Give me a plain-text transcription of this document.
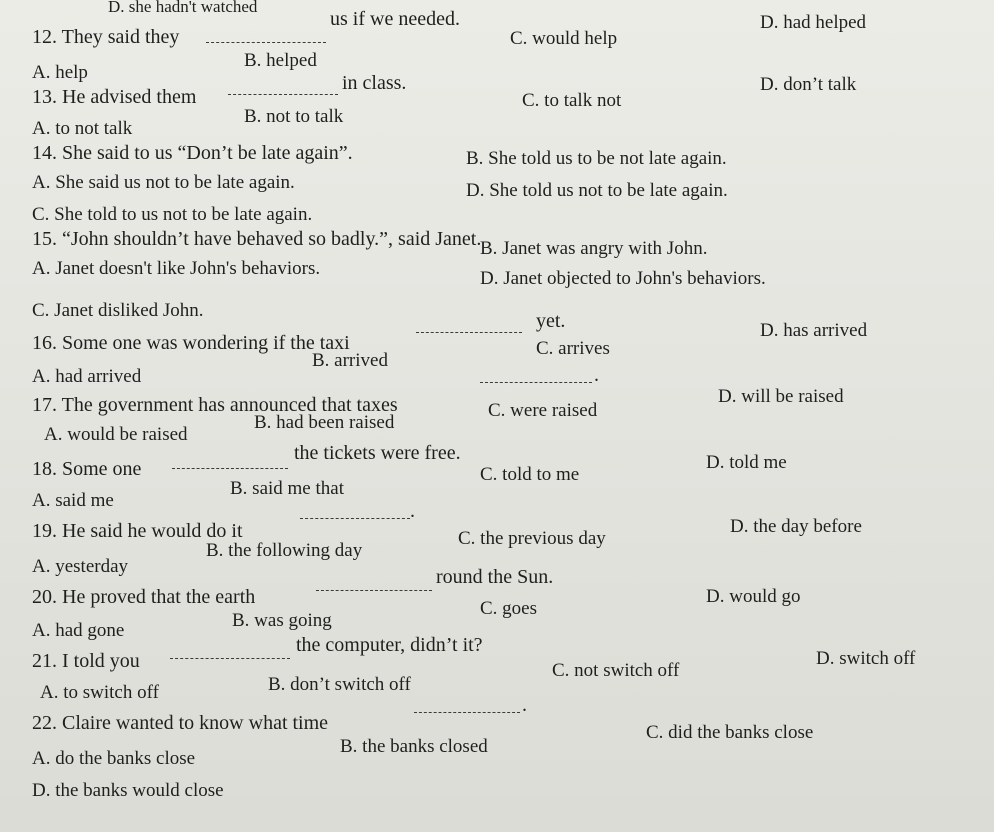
D. she hadn't watched
12. They said they
us if we needed.
A. help
B. helped
C. would help
D. had helped
13. He advised them
in class.
A. to not talk
B. not to talk
C. to talk not
D. don’t talk
14. She said to us “Don’t be late again”.
A. She said us not to be late again.
B. She told us to be not late again.
C. She told to us not to be late again.
D. She told us not to be late again.
15. “John shouldn’t have behaved so badly.”, said Janet.
A. Janet doesn't like John's behaviors.
B. Janet was angry with John.
C. Janet disliked John.
D. Janet objected to John's behaviors.
16. Some one was wondering if the taxi
yet.
A. had arrived
B. arrived
C. arrives
D. has arrived
17. The government has announced that taxes
.
A. would be raised
B. had been raised
C. were raised
D. will be raised
18. Some one
the tickets were free.
A. said me
B. said me that
C. told to me
D. told me
19. He said he would do it
.
A. yesterday
B. the following day
C. the previous day
D. the day before
20. He proved that the earth
round the Sun.
A. had gone	B. was going
C. goes
D. would go
21. I told you
the computer, didn’t it?
A. to switch off	B. don’t switch off
C. not switch off
D. switch off
22. Claire wanted to know what time
.
A. do the banks close
B. the banks closed
C. did the banks close
D. the banks would close
